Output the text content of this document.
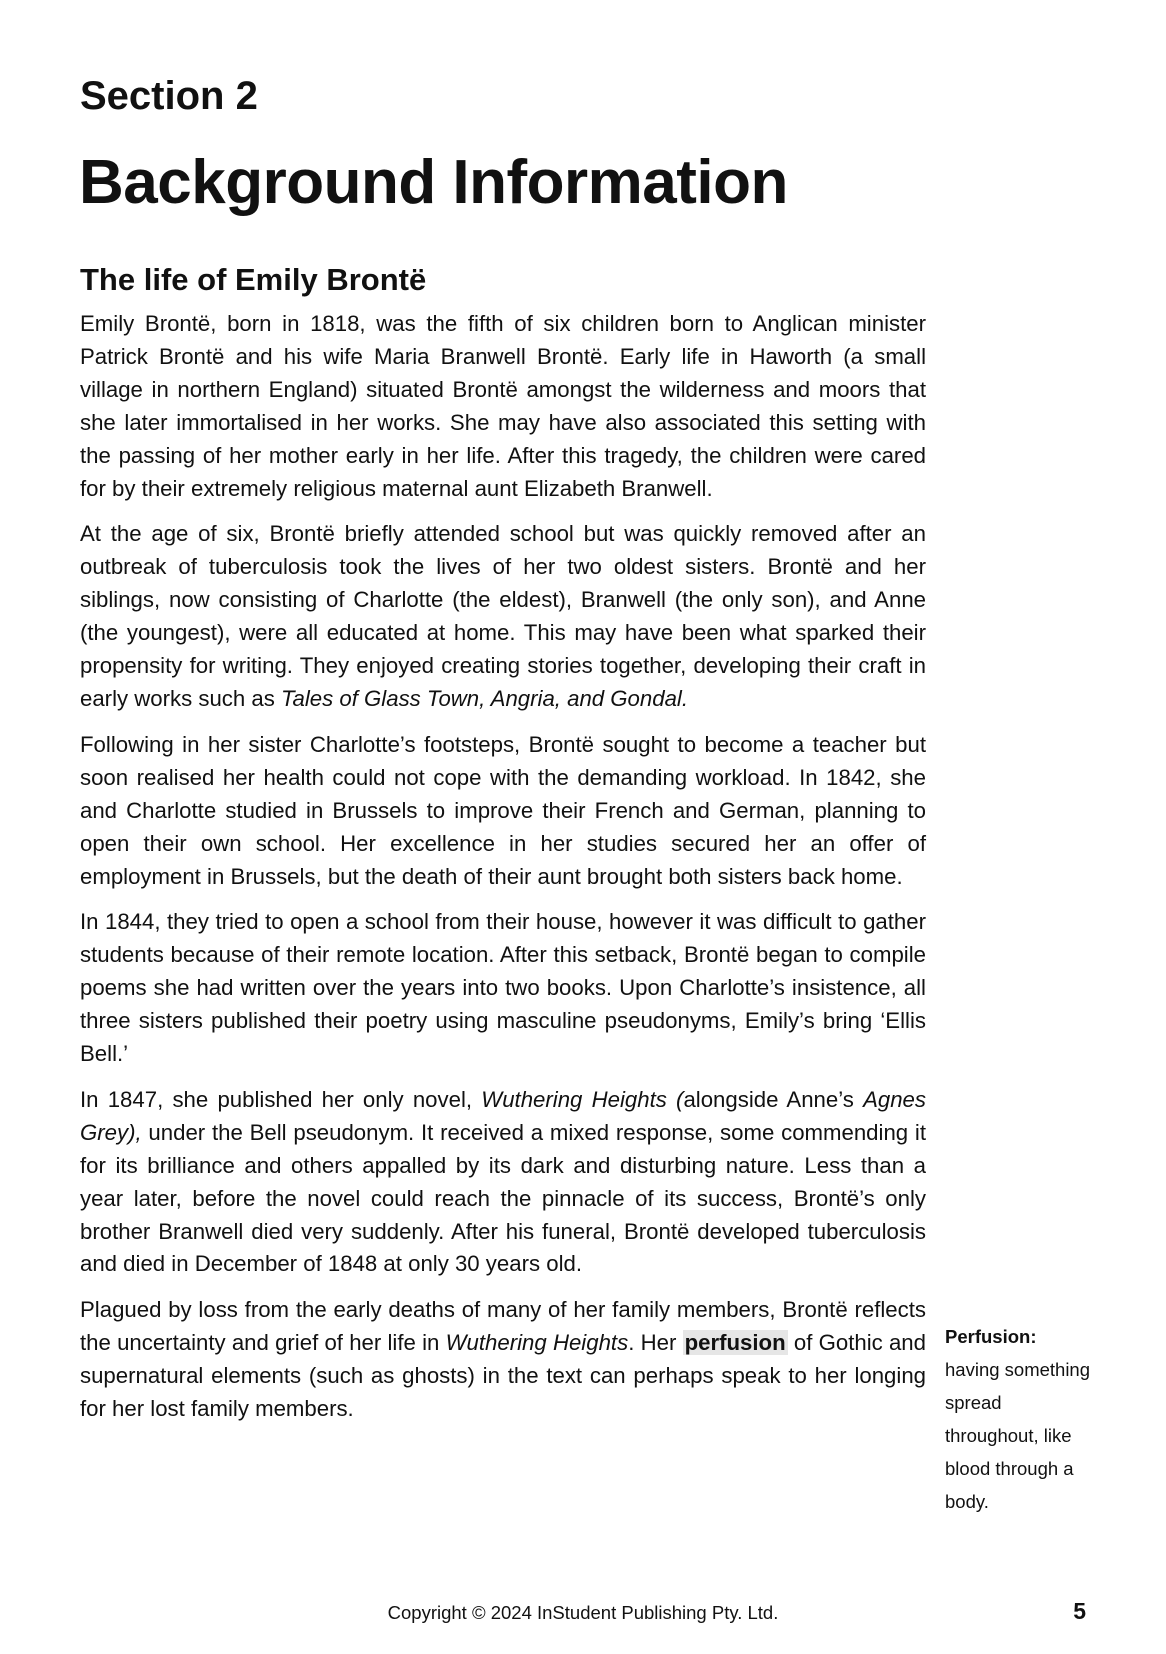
Section 2
Background Information
The life of Emily Brontë

Emily Brontë, born in 1818, was the fifth of six children born to Anglican minister Patrick Brontë and his wife Maria Branwell Brontë. Early life in Haworth (a small village in northern England) situated Brontë amongst the wilderness and moors that she later immortalised in her works. She may have also associated this setting with the passing of her mother early in her life. After this tragedy, the children were cared for by their extremely religious maternal aunt Elizabeth Branwell.

At the age of six, Brontë briefly attended school but was quickly removed after an outbreak of tuberculosis took the lives of her two oldest sisters. Brontë and her siblings, now consisting of Charlotte (the eldest), Branwell (the only son), and Anne (the youngest), were all educated at home. This may have been what sparked their propensity for writing. They enjoyed creating stories together, developing their craft in early works such as Tales of Glass Town, Angria, and Gondal.

Following in her sister Charlotte’s footsteps, Brontë sought to become a teacher but soon realised her health could not cope with the demanding workload. In 1842, she and Charlotte studied in Brussels to improve their French and German, planning to open their own school. Her excellence in her studies secured her an offer of employment in Brussels, but the death of their aunt brought both sisters back home.

In 1844, they tried to open a school from their house, however it was difficult to gather students because of their remote location. After this setback, Brontë began to compile poems she had written over the years into two books. Upon Charlotte’s insistence, all three sisters published their poetry using masculine pseudonyms, Emily’s bring ‘Ellis Bell.’

In 1847, she published her only novel, Wuthering Heights (alongside Anne’s Agnes Grey), under the Bell pseudonym. It received a mixed response, some commending it for its brilliance and others appalled by its dark and disturbing nature. Less than a year later, before the novel could reach the pinnacle of its success, Brontë’s only brother Branwell died very suddenly. After his funeral, Brontë developed tuberculosis and died in December of 1848 at only 30 years old.

Plagued by loss from the early deaths of many of her family members, Brontë reflects the uncertainty and grief of her life in Wuthering Heights. Her perfusion of Gothic and supernatural elements (such as ghosts) in the text can perhaps speak to her longing for her lost family members.

Perfusion: having something spread throughout, like blood through a body.
Copyright © 2024 InStudent Publishing Pty. Ltd.	5
